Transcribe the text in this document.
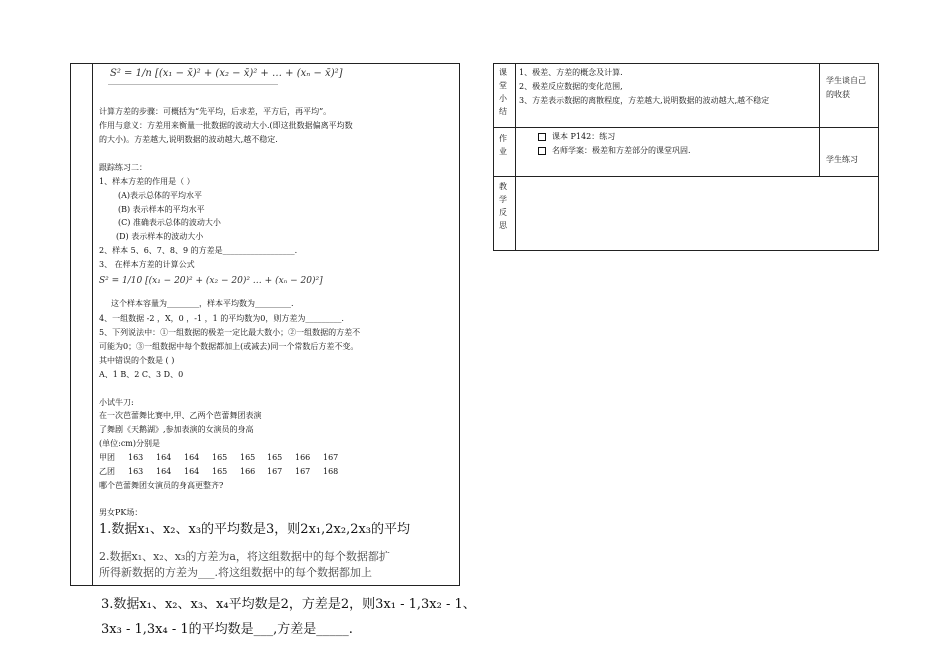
S² = 1/n [(x₁ − x̄)² + (x₂ − x̄)² + … + (xₙ − x̄)²]
计算方差的步骤：可概括为“先平均，后求差，平方后，再平均”。
作用与意义：方差用来衡量一批数据的波动大小.(即这批数据偏离平均数
的大小)。方差越大,说明数据的波动越大,越不稳定.
跟踪练习二：
1、样本方差的作用是（ ）
(A)表示总体的平均水平
(B) 表示样本的平均水平
(C) 准确表示总体的波动大小
(D) 表示样本的波动大小
2、样本 5、6、7、8、9 的方差是__________________.
3、 在样本方差的计算公式
S² = 1/10 [(x₁ − 20)² + (x₂ − 20)² … + (xₙ − 20)²]
这个样本容量为________，样本平均数为_________.
4、一组数据 -2 ，X，0 ，-1 ，1 的平均数为0，则方差为_________.
5、下列说法中：①一组数据的极差一定比最大数小；②一组数据的方差不
可能为0；③一组数据中每个数据都加上(或减去)同一个常数后方差不变。
其中错误的个数是 ( )
A、1 B、2 C、3 D、0
小试牛刀:
在一次芭蕾舞比赛中,甲、乙两个芭蕾舞团表演
了舞剧《天鹅湖》,参加表演的女演员的身高
(单位:cm)分别是
甲团 163 164 164 165 165 165 166 167
乙团 163 164 164 165 166 167 167 168
哪个芭蕾舞团女演员的身高更整齐?
男女PK场：
1.数据x₁、x₂、x₃的平均数是3，则2x₁,2x₂,2x₃的平均
2.数据x₁、x₂、x₃的方差为a，将这组数据中的每个数据都扩
所得新数据的方差为___.将这组数据中的每个数据都加上
3.数据x₁、x₂、x₃、x₄平均数是2，方差是2，则3x₁ - 1,3x₂ - 1、
3x₃ - 1,3x₄ - 1的平均数是___,方差是_____.
课
堂
小
结
1、极差、方差的概念及计算.
2、极差反应数据的变化范围,
3、方差表示数据的离散程度，方差越大,说明数据的波动越大,越不稳定
学生谈自己
的收获
作
业
课本 P142：练习
名师学案：极差和方差部分的课堂巩固.
学生练习
教
学
反
思
